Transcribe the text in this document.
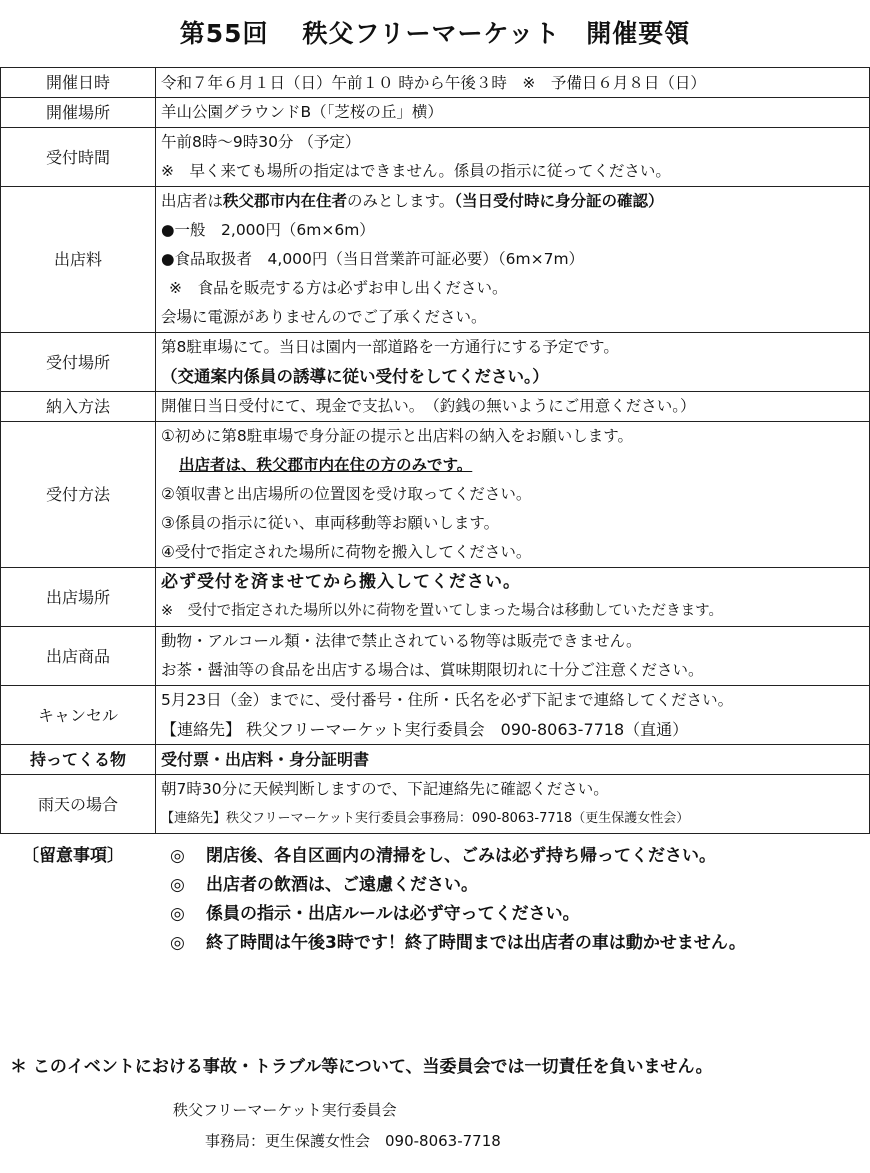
第55回 秩父フリーマーケット 開催要領
開催日時	令和７年６月１日（日）午前１０ 時から午後３時　※　予備日６月８日（日）
開催場所	羊山公園グラウンドB（「芝桜の丘」横）
受付時間	午前8時～9時30分 （予定）
※　早く来ても場所の指定はできません。係員の指示に従ってください。

出店料	出店者は秩父郡市内在住者のみとします。（当日受付時に身分証の確認）
●一般　2,000円（6m×6m）
●食品取扱者　4,000円（当日営業許可証必要）（6m×7m）
※　食品を販売する方は必ずお申し出ください。
会場に電源がありませんのでご了承ください。

受付場所	第8駐車場にて。当日は園内一部道路を一方通行にする予定です。
（交通案内係員の誘導に従い受付をしてください。）

納入方法	開催日当日受付にて、現金で支払い。　（釣銭の無いようにご用意ください。）
受付方法	①初めに第8駐車場で身分証の提示と出店料の納入をお願いします。
出店者は、秩父郡市内在住の方のみです。
②領収書と出店場所の位置図を受け取ってください。
③係員の指示に従い、車両移動等お願いします。
④受付で指定された場所に荷物を搬入してください。

出店場所	必ず受付を済ませてから搬入してください。
※　受付で指定された場所以外に荷物を置いてしまった場合は移動していただきます。

出店商品	動物・アルコール類・法律で禁止されている物等は販売できません。
お茶・醤油等の食品を出店する場合は、賞味期限切れに十分ご注意ください。

キャンセル	5月23日（金）までに、受付番号・住所・氏名を必ず下記まで連絡してください。
【連絡先】 秩父フリーマーケット実行委員会　090-8063-7718（直通）

持ってくる物	受付票・出店料・身分証明書
雨天の場合	朝7時30分に天候判断しますので、下記連絡先に確認ください。
【連絡先】秩父フリーマーケット実行委員会事務局：090-8063-7718（更生保護女性会）
〔留意事項〕	◎	閉店後、各自区画内の清掃をし、ごみは必ず持ち帰ってください。
◎	出店者の飲酒は、ご遠慮ください。
◎	係員の指示・出店ルールは必ず守ってください。
◎	終了時間は午後3時です！終了時間までは出店者の車は動かせません。
＊ このイベントにおける事故・トラブル等について、当委員会では一切責任を負いません。
秩父フリーマーケット実行委員会
事務局：更生保護女性会　090-8063-7718
